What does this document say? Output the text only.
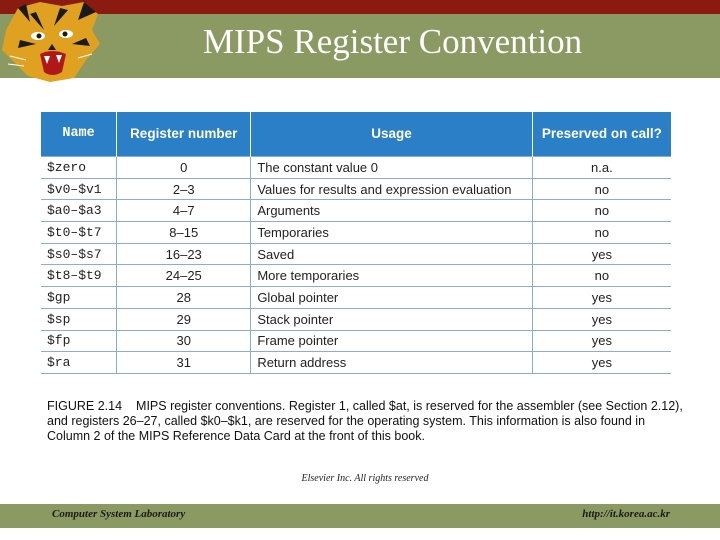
MIPS Register Convention
Name	Register number	Usage	Preserved on call?
$zero	0	The constant value 0	n.a.
$v0–$v1	2–3	Values for results and expression evaluation	no
$a0–$a3	4–7	Arguments	no
$t0–$t7	8–15	Temporaries	no
$s0–$s7	16–23	Saved	yes
$t8–$t9	24–25	More temporaries	no
$gp	28	Global pointer	yes
$sp	29	Stack pointer	yes
$fp	30	Frame pointer	yes
$ra	31	Return address	yes
FIGURE 2.14 MIPS register conventions. Register 1, called $at, is reserved for the assembler (see Section 2.12), and registers 26–27, called $k0–$k1, are reserved for the operating system. This information is also found in Column 2 of the MIPS Reference Data Card at the front of this book.
Elsevier Inc. All rights reserved
Computer System Laboratory	http://it.korea.ac.kr
